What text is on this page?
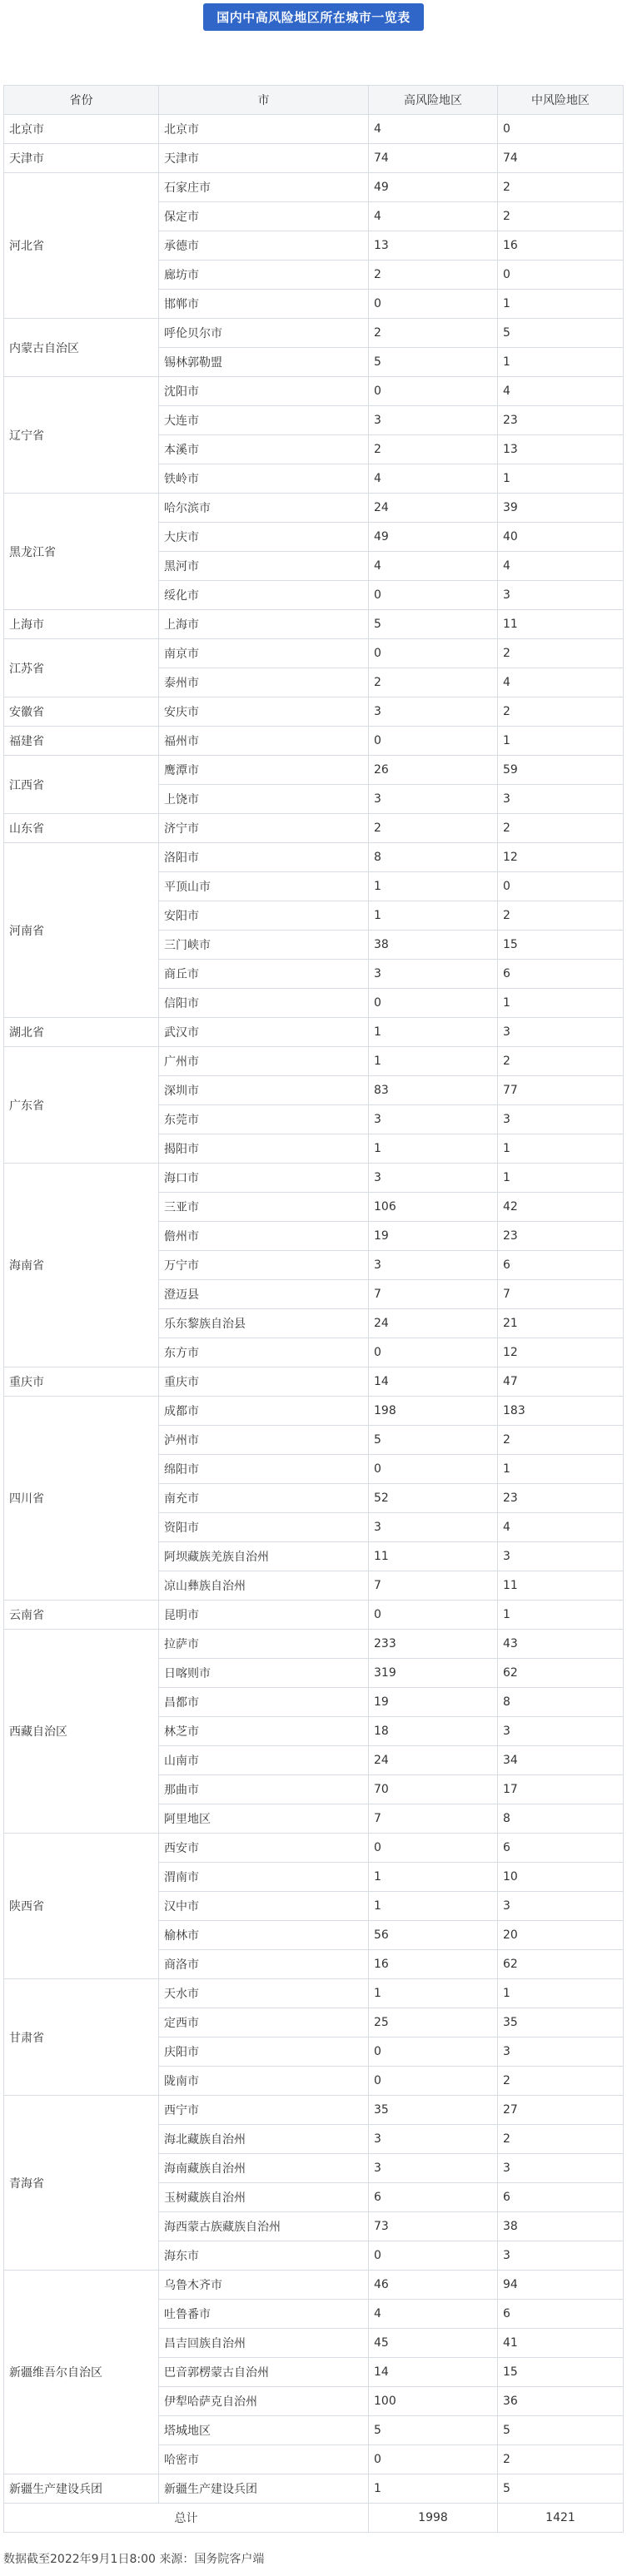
国内中高风险地区所在城市一览表
省份	市	高风险地区	中风险地区
北京市	北京市	4	0
天津市	天津市	74	74
河北省	石家庄市	49	2
	保定市	4	2
	承德市	13	16
	廊坊市	2	0
	邯郸市	0	1
内蒙古自治区	呼伦贝尔市	2	5
	锡林郭勒盟	5	1
辽宁省	沈阳市	0	4
	大连市	3	23
	本溪市	2	13
	铁岭市	4	1
黑龙江省	哈尔滨市	24	39
	大庆市	49	40
	黑河市	4	4
	绥化市	0	3
上海市	上海市	5	11
江苏省	南京市	0	2
	泰州市	2	4
安徽省	安庆市	3	2
福建省	福州市	0	1
江西省	鹰潭市	26	59
	上饶市	3	3
山东省	济宁市	2	2
河南省	洛阳市	8	12
	平顶山市	1	0
	安阳市	1	2
	三门峡市	38	15
	商丘市	3	6
	信阳市	0	1
湖北省	武汉市	1	3
广东省	广州市	1	2
	深圳市	83	77
	东莞市	3	3
	揭阳市	1	1
海南省	海口市	3	1
	三亚市	106	42
	儋州市	19	23
	万宁市	3	6
	澄迈县	7	7
	乐东黎族自治县	24	21
	东方市	0	12
重庆市	重庆市	14	47
四川省	成都市	198	183
	泸州市	5	2
	绵阳市	0	1
	南充市	52	23
	资阳市	3	4
	阿坝藏族羌族自治州	11	3
	凉山彝族自治州	7	11
云南省	昆明市	0	1
西藏自治区	拉萨市	233	43
	日喀则市	319	62
	昌都市	19	8
	林芝市	18	3
	山南市	24	34
	那曲市	70	17
	阿里地区	7	8
陕西省	西安市	0	6
	渭南市	1	10
	汉中市	1	3
	榆林市	56	20
	商洛市	16	62
甘肃省	天水市	1	1
	定西市	25	35
	庆阳市	0	3
	陇南市	0	2
青海省	西宁市	35	27
	海北藏族自治州	3	2
	海南藏族自治州	3	3
	玉树藏族自治州	6	6
	海西蒙古族藏族自治州	73	38
	海东市	0	3
新疆维吾尔自治区	乌鲁木齐市	46	94
	吐鲁番市	4	6
	昌吉回族自治州	45	41
	巴音郭楞蒙古自治州	14	15
	伊犁哈萨克自治州	100	36
	塔城地区	5	5
	哈密市	0	2
新疆生产建设兵团	新疆生产建设兵团	1	5
总计		1998	1421
数据截至2022年9月1日8:00 来源：国务院客户端
